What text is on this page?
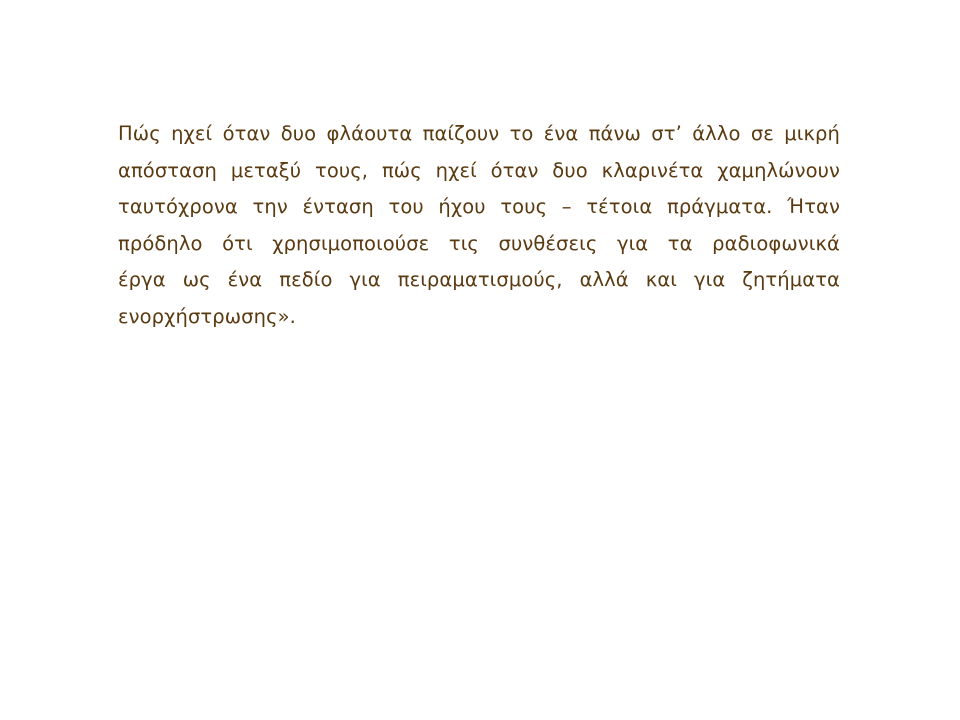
Πώς ηχεί όταν δυο φλάουτα παίζουν το ένα πάνω στ’ άλλο σε μικρή
απόσταση μεταξύ τους, πώς ηχεί όταν δυο κλαρινέτα χαμηλώνουν
ταυτόχρονα την ένταση του ήχου τους – τέτοια πράγματα. Ήταν
πρόδηλο ότι χρησιμοποιούσε τις συνθέσεις για τα ραδιοφωνικά
έργα ως ένα πεδίο για πειραματισμούς, αλλά και για ζητήματα
ενορχήστρωσης».
